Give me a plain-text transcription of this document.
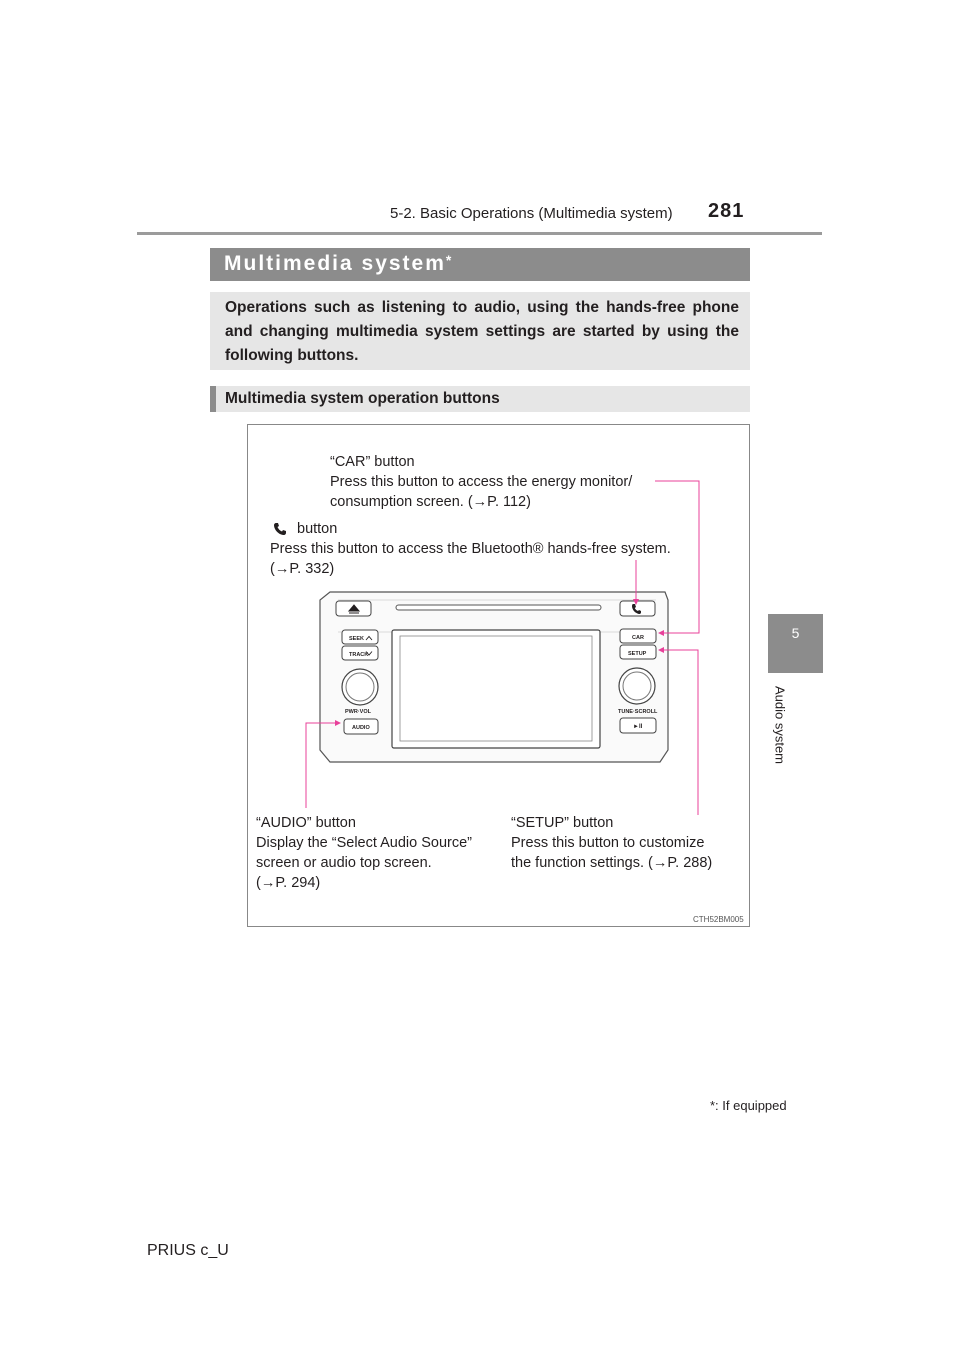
5-2. Basic Operations (Multimedia system) 281
5
Audio system
Multimedia system*
Operations such as listening to audio, using the hands-free phone and changing multimedia system settings are started by using the following buttons.
Multimedia system operation buttons
“CAR” button
Press this button to access the energy monitor/
consumption screen. (→P. 112)
button
Press this button to access the Bluetooth® hands-free system.
(→P. 332)
“AUDIO” button
Display the “Select Audio Source”
screen or audio top screen.
(→P. 294)
“SETUP” button
Press this button to customize
the function settings. (→P. 288)
SEEK
TRACK
PWR·VOL
AUDIO
CAR
SETUP
TUNE·SCROLL
►II
CTH52BM005
*: If equipped
PRIUS c_U
